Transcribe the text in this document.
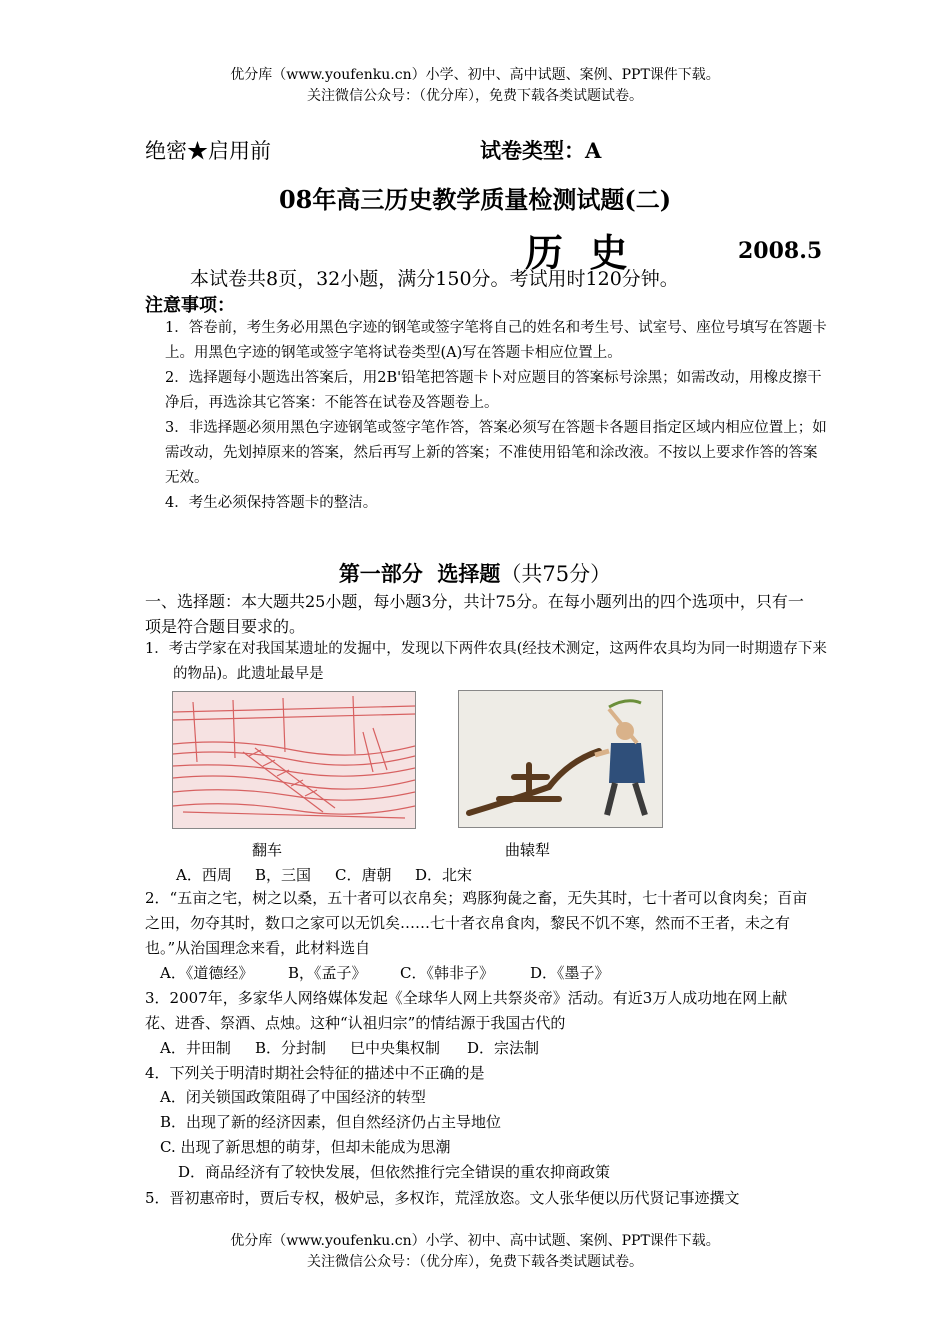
优分库（www.youfenku.cn）小学、初中、高中试题、案例、PPT课件下载。
关注微信公众号：（优分库），免费下载各类试题试卷。
绝密★启用前	试卷类型：A
08年高三历史教学质量检测试题(二)
历  史	2008.5
本试卷共8页，32小题，满分150分。考试用时120分钟。
注意事项：
1．答卷前，考生务必用黑色字迹的钢笔或签字笔将自己的姓名和考生号、试室号、座位号填写在答题卡上。用黑色字迹的钢笔或签字笔将试卷类型(A)写在答题卡相应位置上。
2．选择题每小题选出答案后，用2B'铅笔把答题卡卜对应题目的答案标号涂黑；如需改动，用橡皮擦干净后，再选涂其它答案：不能答在试卷及答题卷上。
3．非选择题必须用黑色字迹钢笔或签字笔作答，答案必须写在答题卡各题目指定区域内相应位置上；如需改动，先划掉原来的答案，然后再写上新的答案；不准使用铅笔和涂改液。不按以上要求作答的答案无效。
4．考生必须保持答题卡的整洁。
第一部分  选择题（共75分）
一、选择题：本大题共25小题，每小题3分，共计75分。在每小题列出的四个选项中，只有一项是符合题目要求的。
1．考古学家在对我国某遗址的发掘中，发现以下两件农具(经技术测定，这两件农具均为同一时期遗存下来的物品)。此遗址最早是
翻车	曲辕犁
A．西周 B，三国 C．唐朝 D．北宋
2．“五亩之宅，树之以桑，五十者可以衣帛矣；鸡豚狗彘之畜，无失其时，七十者可以食肉矣；百亩之田，勿夺其时，数口之家可以无饥矣……七十者衣帛食肉，黎民不饥不寒，然而不王者，未之有也。”从治国理念来看，此材料选自
A．《道德经》 B，《孟子》 C．《韩非子》 D．《墨子》
3．2007年，多家华人网络媒体发起《全球华人网上共祭炎帝》活动。有近3万人成功地在网上献花、进香、祭酒、点烛。这种“认祖归宗”的情结源于我国古代的
A．井田制 B．分封制 巳中央集权制 D．宗法制
4．下列关于明清时期社会特征的描述中不正确的是
A．闭关锁国政策阻碍了中国经济的转型
B．出现了新的经济因素，但自然经济仍占主导地位
C. 出现了新思想的萌芽，但却未能成为思潮
D．商品经济有了较快发展，但依然推行完全错误的重农抑商政策
5．晋初惠帝时，贾后专权，极妒忌，多权诈，荒淫放恣。文人张华便以历代贤记事迹撰文
优分库（www.youfenku.cn）小学、初中、高中试题、案例、PPT课件下载。
关注微信公众号：（优分库），免费下载各类试题试卷。
